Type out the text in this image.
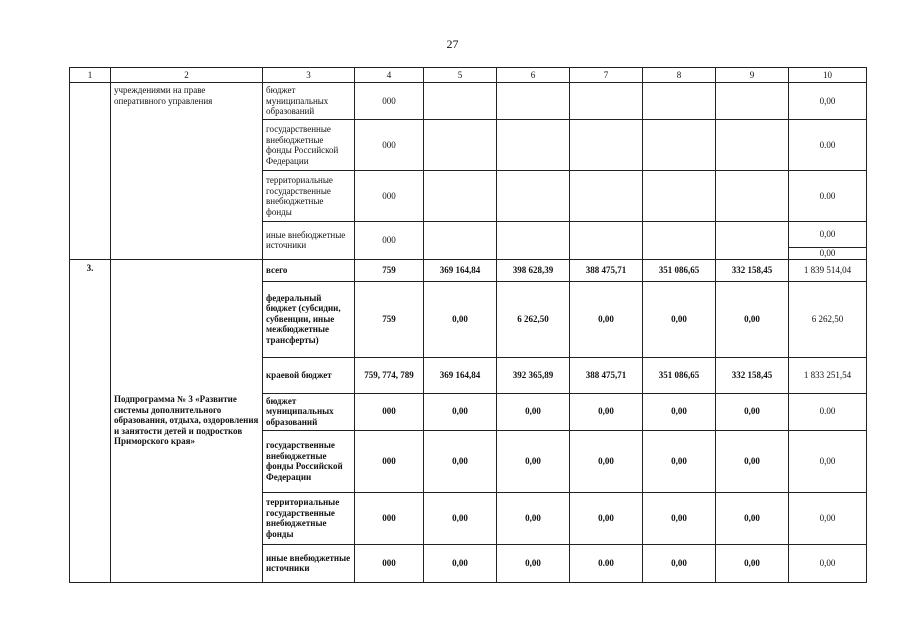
27
1	2	3	4	5	6	7	8	9	10
	учреждениями на праве оперативного управления	бюджет муниципальных образований	000						0,00
		государственные внебюджетные фонды Российской Федерации	000						0.00
		территориальные государственные внебюджетные фонды	000						0.00
		иные внебюджетные источники	000						0,00
									0,00
3.	Подпрограмма № 3 «Развитие системы дополнительного образования, отдыха, оздоровления и занятости детей и подростков Приморского края»	всего	759	369 164,84	398 628,39	388 475,71	351 086,65	332 158,45	1 839 514,04
		федеральный бюджет (субсидии, субвенции, иные межбюджетные трансферты)	759	0,00	6 262,50	0,00	0,00	0,00	6 262,50
		краевой бюджет	759, 774, 789	369 164,84	392 365,89	388 475,71	351 086,65	332 158,45	1 833 251,54
		бюджет муниципальных образований	000	0,00	0,00	0,00	0,00	0,00	0.00
		государственные внебюджетные фонды Российской Федерации	000	0,00	0,00	0,00	0,00	0,00	0,00
		территориальные государственные внебюджетные фонды	000	0,00	0,00	0,00	0,00	0,00	0,00
		иные внебюджетные источники	000	0,00	0,00	0.00	0,00	0,00	0,00
